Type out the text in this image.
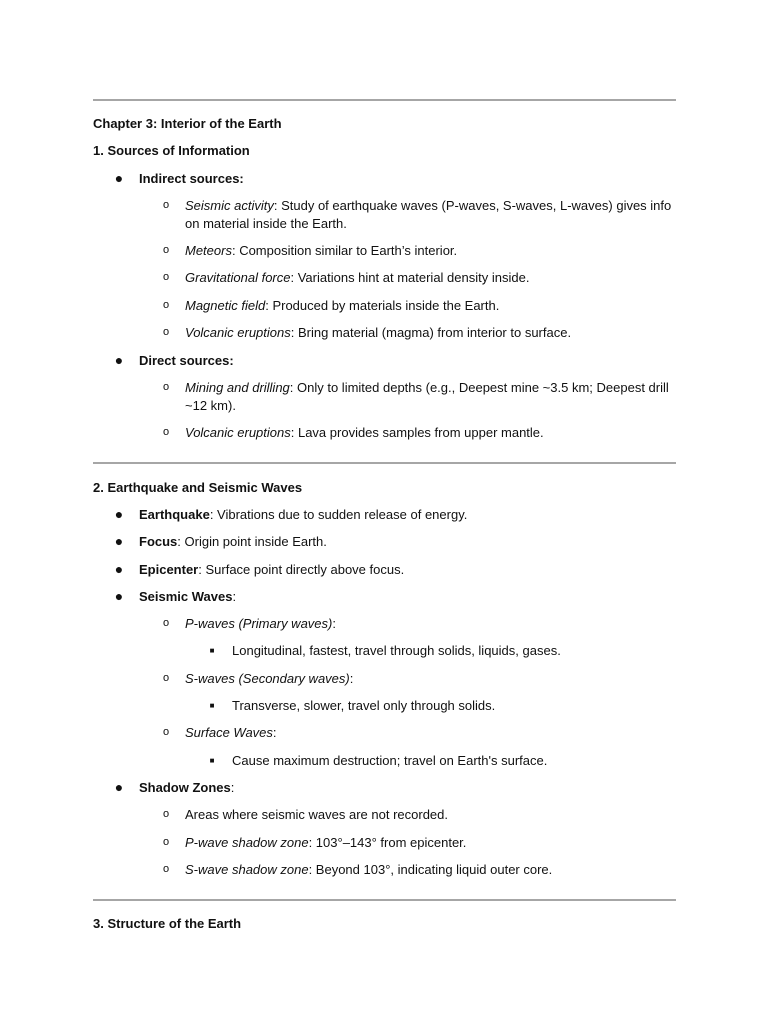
Chapter 3: Interior of the Earth
1. Sources of Information
● Indirect sources:
o Seismic activity: Study of earthquake waves (P-waves, S-waves, L-waves) gives info on material inside the Earth.
o Meteors: Composition similar to Earth’s interior.
o Gravitational force: Variations hint at material density inside.
o Magnetic field: Produced by materials inside the Earth.
o Volcanic eruptions: Bring material (magma) from interior to surface.
● Direct sources:
o Mining and drilling: Only to limited depths (e.g., Deepest mine ~3.5 km; Deepest drill ~12 km).
o Volcanic eruptions: Lava provides samples from upper mantle.
2. Earthquake and Seismic Waves
● Earthquake: Vibrations due to sudden release of energy.
● Focus: Origin point inside Earth.
● Epicenter: Surface point directly above focus.
● Seismic Waves:
o P-waves (Primary waves):
■ Longitudinal, fastest, travel through solids, liquids, gases.
o S-waves (Secondary waves):
■ Transverse, slower, travel only through solids.
o Surface Waves:
■ Cause maximum destruction; travel on Earth's surface.
● Shadow Zones:
o Areas where seismic waves are not recorded.
o P-wave shadow zone: 103°–143° from epicenter.
o S-wave shadow zone: Beyond 103°, indicating liquid outer core.
3. Structure of the Earth
